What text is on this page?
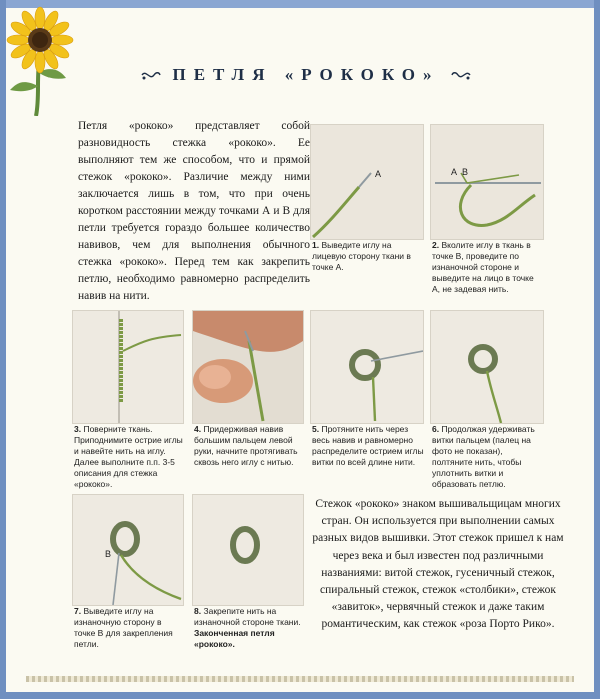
ПЕТЛЯ «РОКОКО»

Петля «рококо» представляет собой разновидность стежка «рококо». Ее выполняют тем же способом, что и прямой стежок «рококо». Различие между ними заключается лишь в том, что при очень коротком расстоянии между точками А и В для петли требуется гораздо большее количество навивов, чем для выполнения обычного стежка «рококо». Перед тем как закрепить петлю, необходимо равномерно распределить навив на нити.

A

1. Выведите иглу на лицевую сторону ткани в точке А.

A B

2. Вколите иглу в ткань в точке В, проведите по изнаночной стороне и выведите на лицо в точке А, не задевая нить.

3. Поверните ткань. Приподнимите острие иглы и навейте нить на иглу. Далее выполните п.п. 3-5 описания для стежка «рококо».

4. Придерживая навив большим пальцем левой руки, начните протягивать сквозь него иглу с нитью.

5. Протяните нить через весь навив и равномерно распределите острием иглы витки по всей длине нити.

6. Продолжая удерживать витки пальцем (палец на фото не показан), полтяните нить, чтобы уплотнить витки и образовать петлю.

B

7. Выведите иглу на изнаночную сторону в точке В для закрепления петли.

8. Закрепите нить на изнаночной стороне ткани. Законченная петля «рококо».

Стежок «рококо» знаком вышивальщицам многих стран. Он используется при выполнении самых разных видов вышивки. Этот стежок пришел к нам через века и был известен под различными названиями: витой стежок, гусеничный стежок, спиральный стежок, стежок «столбики», стежок «завиток», червячный стежок и даже таким романтическим, как стежок «роза Порто Рико».
